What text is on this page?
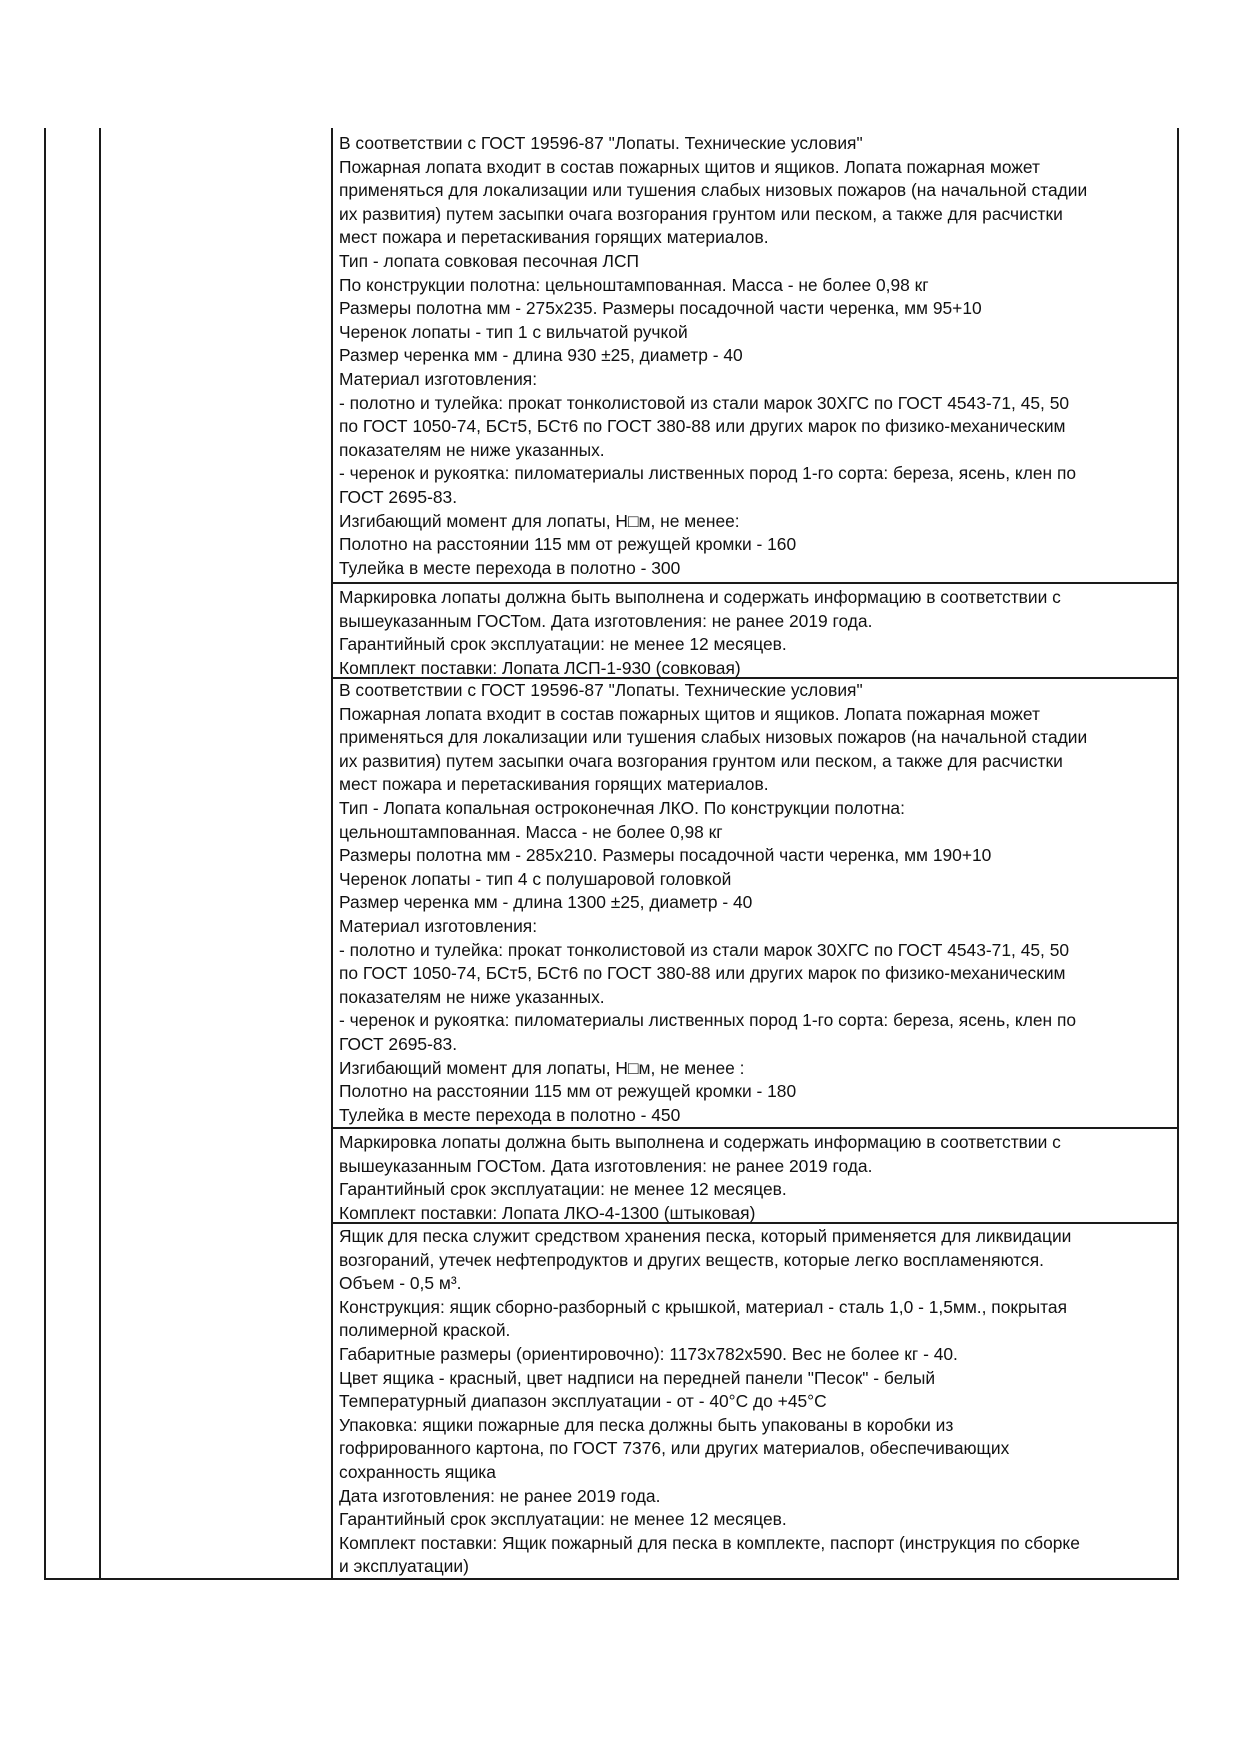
В соответствии с ГОСТ 19596-87 "Лопаты. Технические условия"
Пожарная лопата входит в состав пожарных щитов и ящиков. Лопата пожарная может
применяться для локализации или тушения слабых низовых пожаров (на начальной стадии
их развития) путем засыпки очага возгорания грунтом или песком, а также для расчистки
мест пожара и перетаскивания горящих материалов.
Тип - лопата совковая песочная ЛСП
По конструкции полотна: цельноштампованная. Масса - не более 0,98 кг
Размеры полотна мм - 275х235. Размеры посадочной части черенка, мм 95+10
Черенок лопаты - тип 1 с вильчатой ручкой
Размер черенка мм - длина 930 ±25, диаметр - 40
Материал изготовления:
- полотно и тулейка: прокат тонколистовой из стали марок 30ХГС по ГОСТ 4543-71, 45, 50
по ГОСТ 1050-74, БСт5, БСт6 по ГОСТ 380-88 или других марок по физико-механическим
показателям не ниже указанных.
- черенок и рукоятка: пиломатериалы лиственных пород 1-го сорта: береза, ясень, клен по
ГОСТ 2695-83.
Изгибающий момент для лопаты, Н□м, не менее:
Полотно на расстоянии 115 мм от режущей кромки - 160
Тулейка в месте перехода в полотно - 300
Маркировка лопаты должна быть выполнена и содержать информацию в соответствии с
вышеуказанным ГОСТом. Дата изготовления: не ранее 2019 года.
Гарантийный срок эксплуатации: не менее 12 месяцев.
Комплект поставки: Лопата ЛСП-1-930 (совковая)
В соответствии с ГОСТ 19596-87 "Лопаты. Технические условия"
Пожарная лопата входит в состав пожарных щитов и ящиков. Лопата пожарная может
применяться для локализации или тушения слабых низовых пожаров (на начальной стадии
их развития) путем засыпки очага возгорания грунтом или песком, а также для расчистки
мест пожара и перетаскивания горящих материалов.
Тип - Лопата копальная остроконечная ЛКО. По конструкции полотна:
цельноштампованная. Масса - не более 0,98 кг
Размеры полотна мм - 285х210. Размеры посадочной части черенка, мм 190+10
Черенок лопаты - тип 4 с полушаровой головкой
Размер черенка мм - длина 1300 ±25, диаметр - 40
Материал изготовления:
- полотно и тулейка: прокат тонколистовой из стали марок 30ХГС по ГОСТ 4543-71, 45, 50
по ГОСТ 1050-74, БСт5, БСт6 по ГОСТ 380-88 или других марок по физико-механическим
показателям не ниже указанных.
- черенок и рукоятка: пиломатериалы лиственных пород 1-го сорта: береза, ясень, клен по
ГОСТ 2695-83.
Изгибающий момент для лопаты, Н□м, не менее :
Полотно на расстоянии 115 мм от режущей кромки - 180
Тулейка в месте перехода в полотно - 450
Маркировка лопаты должна быть выполнена и содержать информацию в соответствии с
вышеуказанным ГОСТом. Дата изготовления: не ранее 2019 года.
Гарантийный срок эксплуатации: не менее 12 месяцев.
Комплект поставки: Лопата ЛКО-4-1300 (штыковая)
Ящик для песка служит средством хранения песка, который применяется для ликвидации
возгораний, утечек нефтепродуктов и других веществ, которые легко воспламеняются.
Объем - 0,5 м³.
Конструкция: ящик сборно-разборный с крышкой, материал - сталь 1,0 - 1,5мм., покрытая
полимерной краской.
Габаритные размеры (ориентировочно): 1173х782х590. Вес не более кг - 40.
Цвет ящика - красный, цвет надписи на передней панели "Песок" - белый
Температурный диапазон эксплуатации - от - 40°С до +45°С
Упаковка: ящики пожарные для песка должны быть упакованы в коробки из
гофрированного картона, по ГОСТ 7376, или других материалов, обеспечивающих
сохранность ящика
Дата изготовления: не ранее 2019 года.
Гарантийный срок эксплуатации: не менее 12 месяцев.
Комплект поставки: Ящик пожарный для песка в комплекте, паспорт (инструкция по сборке
и эксплуатации)
